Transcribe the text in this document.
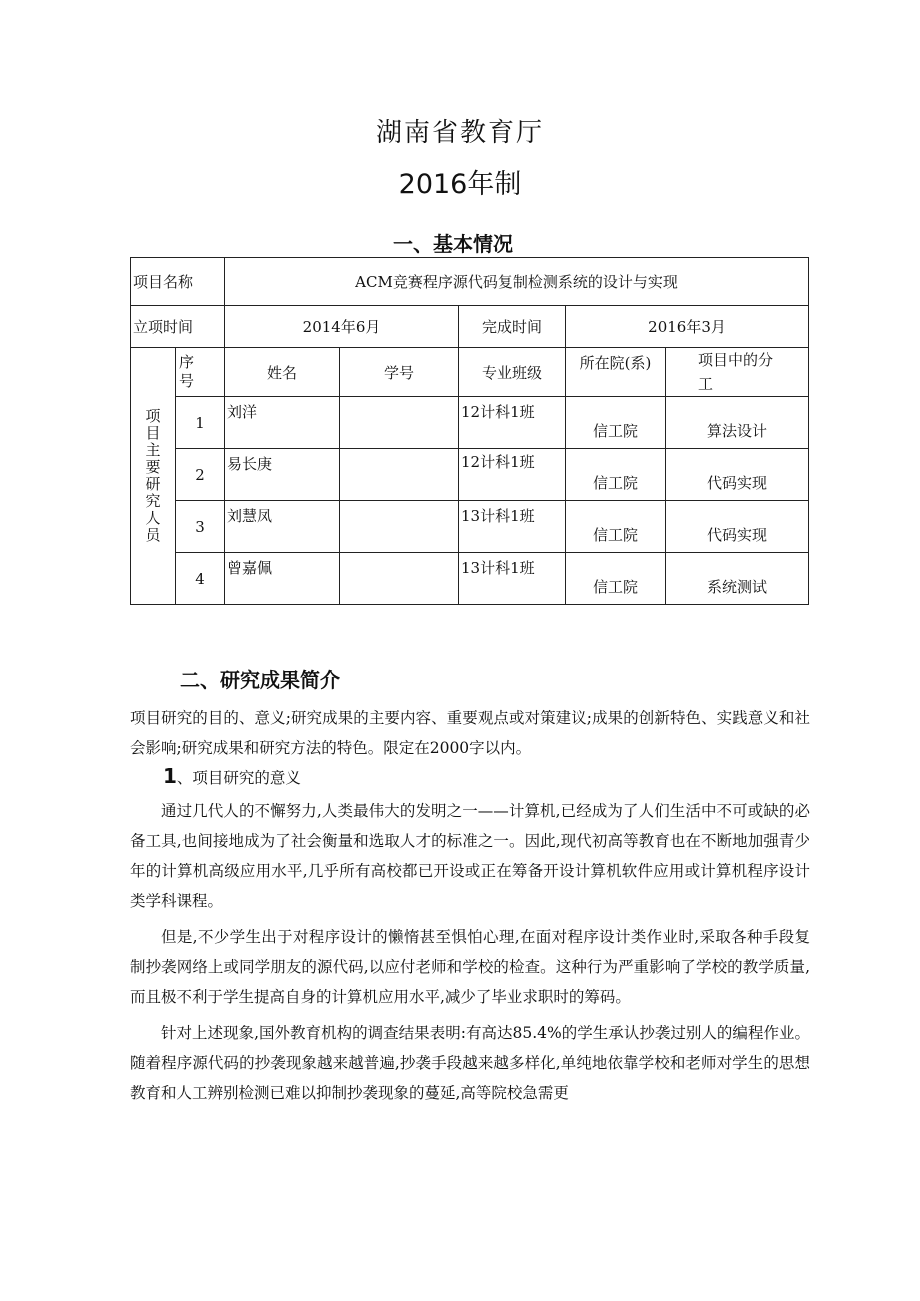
湖南省教育厅
2016年制
一、基本情况
项目名称		ACM竞赛程序源代码复制检测系统的设计与实现				
立项时间		2014年6月		完成时间	2016年3月	

项目主要研究人员	序号	姓名	学号	专业班级	所在院(系)	项目中的分工

	1	刘洋		12计科1班	信工院	算法设计
	2	易长庚		12计科1班	信工院	代码实现
	3	刘慧凤		13计科1班	信工院	代码实现
	4	曾嘉佩		13计科1班	信工院	系统测试
二、研究成果简介

项目研究的目的、意义;研究成果的主要内容、重要观点或对策建议;成果的创新特色、实践意义和社会影响;研究成果和研究方法的特色。限定在2000字以内。

1、项目研究的意义

通过几代人的不懈努力,人类最伟大的发明之一——计算机,已经成为了人们生活中不可或缺的必备工具,也间接地成为了社会衡量和选取人才的标准之一。因此,现代初高等教育也在不断地加强青少年的计算机高级应用水平,几乎所有高校都已开设或正在筹备开设计算机软件应用或计算机程序设计类学科课程。

但是,不少学生出于对程序设计的懒惰甚至惧怕心理,在面对程序设计类作业时,采取各种手段复制抄袭网络上或同学朋友的源代码,以应付老师和学校的检查。这种行为严重影响了学校的教学质量,而且极不利于学生提高自身的计算机应用水平,减少了毕业求职时的筹码。

针对上述现象,国外教育机构的调查结果表明:有高达85.4%的学生承认抄袭过别人的编程作业。随着程序源代码的抄袭现象越来越普遍,抄袭手段越来越多样化,单纯地依靠学校和老师对学生的思想教育和人工辨别检测已难以抑制抄袭现象的蔓延,高等院校急需更
